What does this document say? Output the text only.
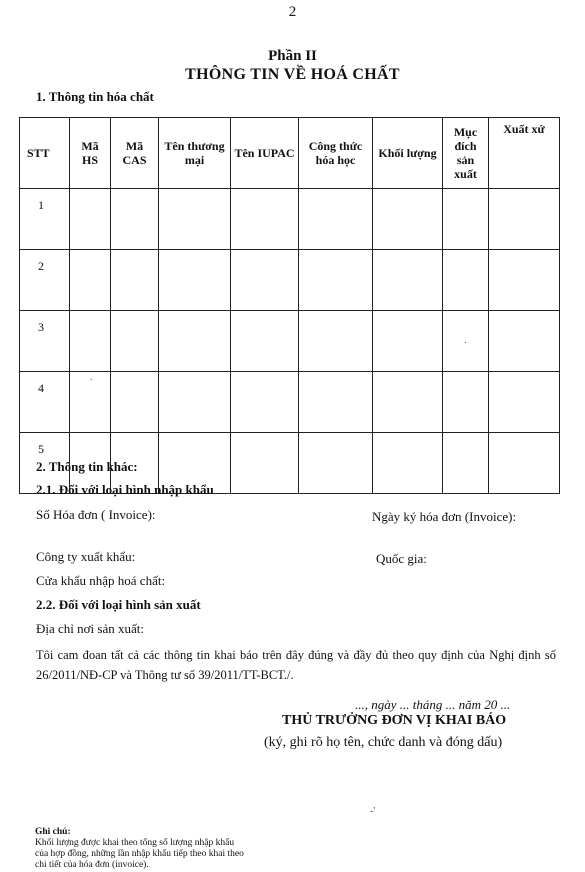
2
Phần II
THÔNG TIN VỀ HOÁ CHẤT
1. Thông tin hóa chất
STT	Mã HS	Mã CAS	Tên thương mại	Tên IUPAC	Công thức hóa học	Khối lượng	Mục đích sản xuất	Xuất xứ
1								
2								
3							.	

4	.							

5								
2. Thông tin khác:
2.1. Đối với loại hình nhập khẩu
Số Hóa đơn ( Invoice):	Ngày ký hóa đơn (Invoice):
Công ty xuất khẩu:	Quốc gia:
Cửa khẩu nhập hoá chất:
2.2. Đối với loại hình sản xuất
Địa chỉ nơi sản xuất:
Tôi cam đoan tất cả các thông tin khai báo trên đây đúng và đầy đủ theo quy định của Nghị định số 26/2011/NĐ-CP và Thông tư số 39/2011/TT-BCT./.
..., ngày ... tháng ... năm 20 ...
THỦ TRƯỞNG ĐƠN VỊ KHAI BÁO
(ký, ghi rõ họ tên, chức danh và đóng dấu)
-'
Ghi chú:
Khối lượng được khai theo tổng số lượng nhập khẩu
của hợp đồng, những lần nhập khẩu tiếp theo khai theo
chi tiết của hóa đơn (invoice).
